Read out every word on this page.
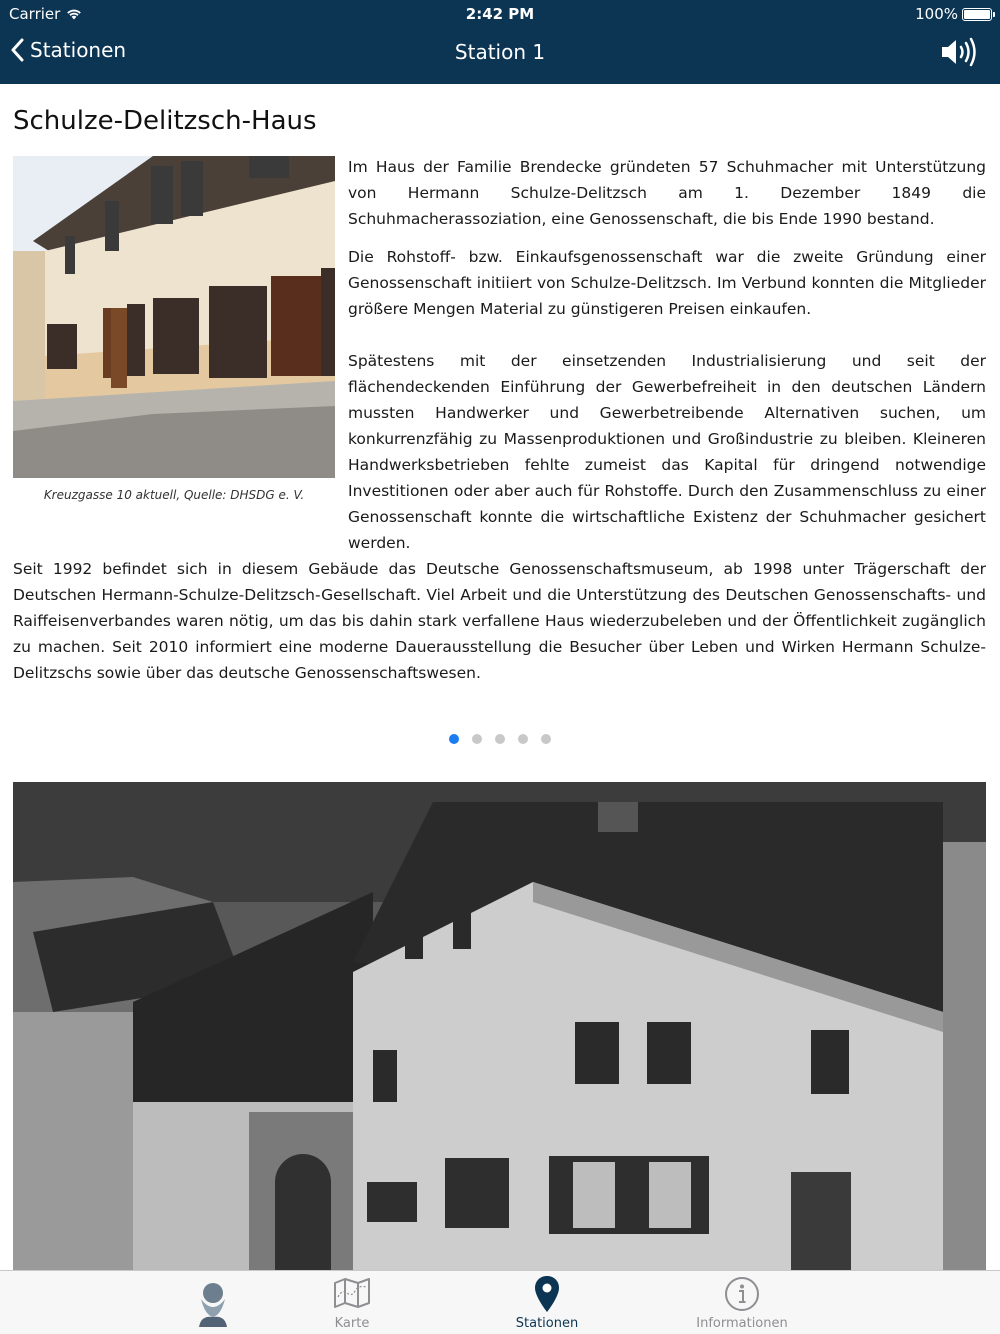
Carrier	2:42 PM	100%
Stationen	Station 1
Schulze-Delitzsch-Haus
Kreuzgasse 10 aktuell, Quelle: DHSDG e. V.

Im Haus der Familie Brendecke gründeten 57 Schuhmacher mit Unterstützung von Hermann Schulze-Delitzsch am 1. Dezember 1849 die Schuhmacherassoziation, eine Genossenschaft, die bis Ende 1990 bestand.

Die Rohstoff- bzw. Einkaufsgenossenschaft war die zweite Gründung einer Genossenschaft initiiert von Schulze-Delitzsch. Im Verbund konnten die Mitglieder größere Mengen Material zu günstigeren Preisen einkaufen.

Spätestens mit der einsetzenden Industrialisierung und seit der flächendeckenden Einführung der Gewerbefreiheit in den deutschen Ländern mussten Handwerker und Gewerbetreibende Alternativen suchen, um konkurrenzfähig zu Massenproduktionen und Großindustrie zu bleiben. Kleineren Handwerksbetrieben fehlte zumeist das Kapital für dringend notwendige Investitionen oder aber auch für Rohstoffe. Durch den Zusammenschluss zu einer Genossenschaft konnte die wirtschaftliche Existenz der Schuhmacher gesichert werden.

Seit 1992 befindet sich in diesem Gebäude das Deutsche Genossenschaftsmuseum, ab 1998 unter Trägerschaft der Deutschen Hermann-Schulze-Delitzsch-Gesellschaft. Viel Arbeit und die Unterstützung des Deutschen Genossenschafts- und Raiffeisenverbandes waren nötig, um das bis dahin stark verfallene Haus wiederzubeleben und der Öffentlichkeit zugänglich zu machen. Seit 2010 informiert eine moderne Dauerausstellung die Besucher über Leben und Wirken Hermann Schulze-Delitzschs sowie über das deutsche Genossenschaftswesen.
Karte	Stationen	Informationen
